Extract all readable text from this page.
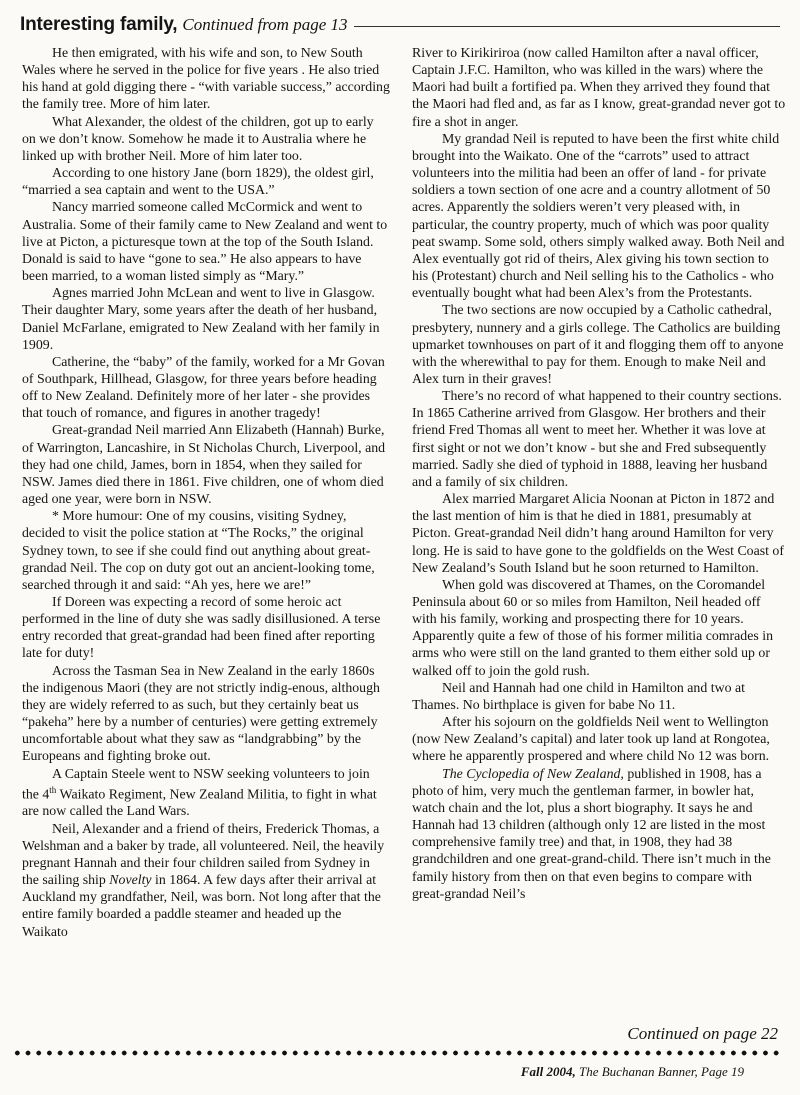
Interesting family, Continued from page 13

He then emigrated, with his wife and son, to New South Wales where he served in the police for five years . He also tried his hand at gold digging there - “with variable success,” according the family tree. More of him later.

What Alexander, the oldest of the children, got up to early on we don’t know. Somehow he made it to Australia where he linked up with brother Neil. More of him later too.

According to one history Jane (born 1829), the oldest girl, “married a sea captain and went to the USA.”

Nancy married someone called McCormick and went to Australia. Some of their family came to New Zealand and went to live at Picton, a picturesque town at the top of the South Island. Donald is said to have “gone to sea.” He also appears to have been married, to a woman listed simply as “Mary.”

Agnes married John McLean and went to live in Glasgow. Their daughter Mary, some years after the death of her husband, Daniel McFarlane, emigrated to New Zealand with her family in 1909.

Catherine, the “baby” of the family, worked for a Mr Govan of Southpark, Hillhead, Glasgow, for three years before heading off to New Zealand. Definitely more of her later - she provides that touch of romance, and figures in another tragedy!

Great-grandad Neil married Ann Elizabeth (Hannah) Burke, of Warrington, Lancashire, in St Nicholas Church, Liverpool, and they had one child, James, born in 1854, when they sailed for NSW. James died there in 1861. Five children, one of whom died aged one year, were born in NSW.

* More humour: One of my cousins, visiting Sydney, decided to visit the police station at “The Rocks,” the original Sydney town, to see if she could find out anything about great-grandad Neil. The cop on duty got out an ancient-looking tome, searched through it and said: “Ah yes, here we are!”

If Doreen was expecting a record of some heroic act performed in the line of duty she was sadly disillusioned. A terse entry recorded that great-grandad had been fined after reporting late for duty!

Across the Tasman Sea in New Zealand in the early 1860s the indigenous Maori (they are not strictly indig-enous, although they are widely referred to as such, but they certainly beat us “pakeha” here by a number of centuries) were getting extremely uncomfortable about what they saw as “landgrabbing” by the Europeans and fighting broke out.

A Captain Steele went to NSW seeking volunteers to join the 4th Waikato Regiment, New Zealand Militia, to fight in what are now called the Land Wars.

Neil, Alexander and a friend of theirs, Frederick Thomas, a Welshman and a baker by trade, all volunteered. Neil, the heavily pregnant Hannah and their four children sailed from Sydney in the sailing ship Novelty in 1864. A few days after their arrival at Auckland my grandfather, Neil, was born. Not long after that the entire family boarded a paddle steamer and headed up the Waikato

River to Kirikiriroa (now called Hamilton after a naval officer, Captain J.F.C. Hamilton, who was killed in the wars) where the Maori had built a fortified pa. When they arrived they found that the Maori had fled and, as far as I know, great-grandad never got to fire a shot in anger.

My grandad Neil is reputed to have been the first white child brought into the Waikato. One of the “carrots” used to attract volunteers into the militia had been an offer of land - for private soldiers a town section of one acre and a country allotment of 50 acres. Apparently the soldiers weren’t very pleased with, in particular, the country property, much of which was poor quality peat swamp. Some sold, others simply walked away. Both Neil and Alex eventually got rid of theirs, Alex giving his town section to his (Protestant) church and Neil selling his to the Catholics - who eventually bought what had been Alex’s from the Protestants.

The two sections are now occupied by a Catholic cathedral, presbytery, nunnery and a girls college. The Catholics are building upmarket townhouses on part of it and flogging them off to anyone with the wherewithal to pay for them. Enough to make Neil and Alex turn in their graves!

There’s no record of what happened to their country sections. In 1865 Catherine arrived from Glasgow. Her brothers and their friend Fred Thomas all went to meet her. Whether it was love at first sight or not we don’t know - but she and Fred subsequently married. Sadly she died of typhoid in 1888, leaving her husband and a family of six children.

Alex married Margaret Alicia Noonan at Picton in 1872 and the last mention of him is that he died in 1881, presumably at Picton. Great-grandad Neil didn’t hang around Hamilton for very long. He is said to have gone to the goldfields on the West Coast of New Zealand’s South Island but he soon returned to Hamilton.

When gold was discovered at Thames, on the Coromandel Peninsula about 60 or so miles from Hamilton, Neil headed off with his family, working and prospecting there for 10 years. Apparently quite a few of those of his former militia comrades in arms who were still on the land granted to them either sold up or walked off to join the gold rush.

Neil and Hannah had one child in Hamilton and two at Thames. No birthplace is given for babe No 11.

After his sojourn on the goldfields Neil went to Wellington (now New Zealand’s capital) and later took up land at Rongotea, where he apparently prospered and where child No 12 was born.

The Cyclopedia of New Zealand, published in 1908, has a photo of him, very much the gentleman farmer, in bowler hat, watch chain and the lot, plus a short biography. It says he and Hannah had 13 children (although only 12 are listed in the most comprehensive family tree) and that, in 1908, they had 38 grandchildren and one great-grand-child. There isn’t much in the family history from then on that even begins to compare with great-grandad Neil’s

Continued on page 22
Fall 2004, The Buchanan Banner, Page 19
